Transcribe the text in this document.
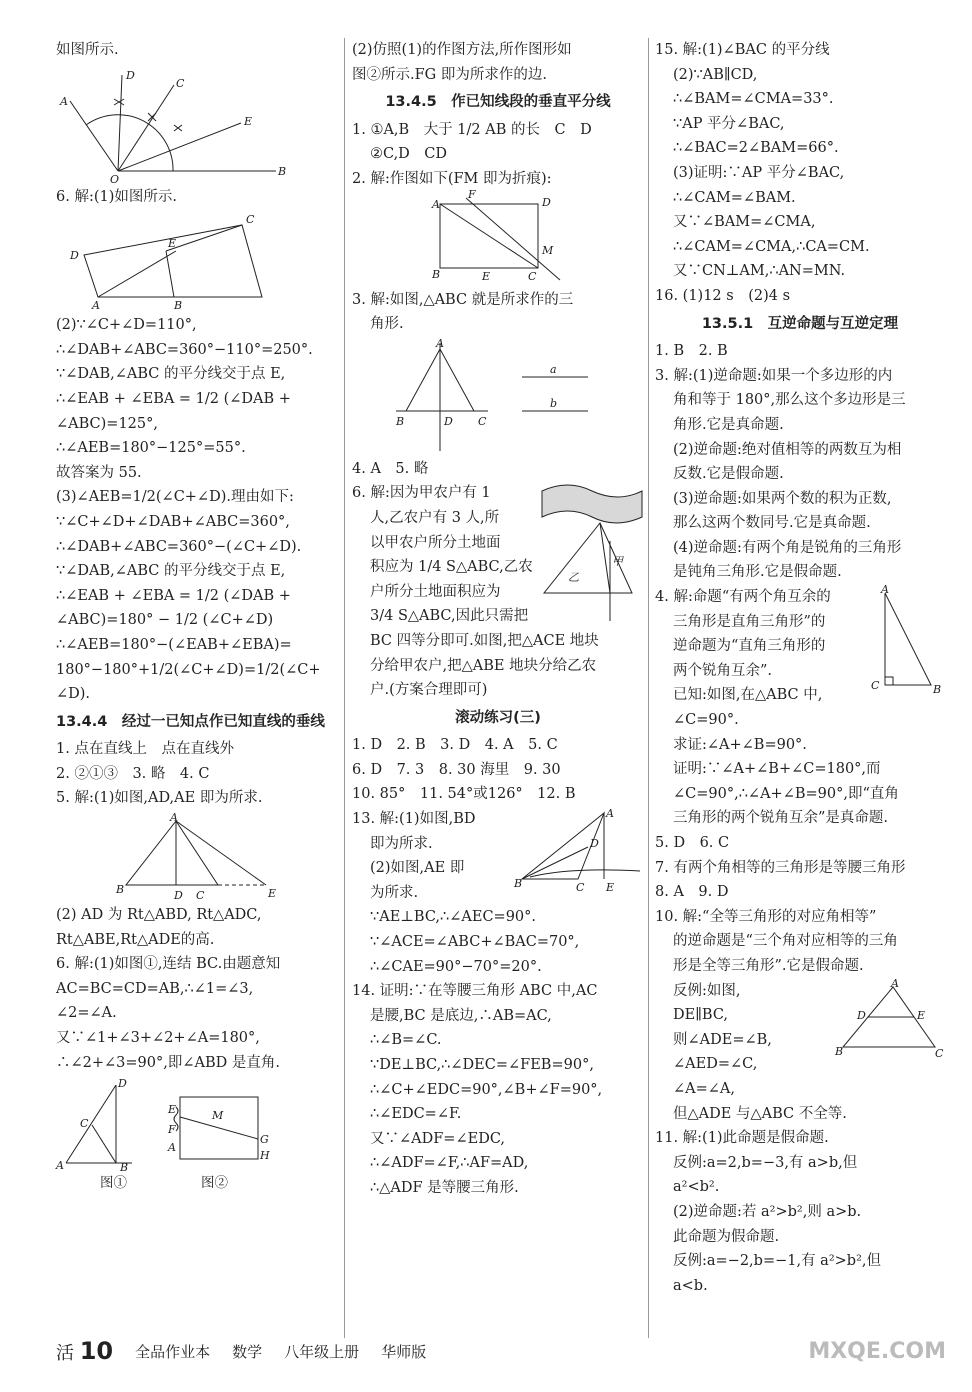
如图所示.
A
D
C
E
B
O
6. 解:(1)如图所示.
D
C
E
A	B
(2)∵∠C+∠D=110°,
∴∠DAB+∠ABC=360°−110°=250°.
∵∠DAB,∠ABC 的平分线交于点 E,
∴∠EAB + ∠EBA = 1/2 (∠DAB +
∠ABC)=125°,
∴∠AEB=180°−125°=55°.
故答案为 55.
(3)∠AEB=1/2(∠C+∠D).理由如下:
∵∠C+∠D+∠DAB+∠ABC=360°,
∴∠DAB+∠ABC=360°−(∠C+∠D).
∵∠DAB,∠ABC 的平分线交于点 E,
∴∠EAB + ∠EBA = 1/2 (∠DAB +
∠ABC)=180° − 1/2 (∠C+∠D)
∴∠AEB=180°−(∠EAB+∠EBA)=
180°−180°+1/2(∠C+∠D)=1/2(∠C+
∠D).
13.4.4　经过一已知点作已知直线的垂线
1. 点在直线上　点在直线外
2. ②①③　3. 略　4. C
5. 解:(1)如图,AD,AE 即为所求.
A
B	D C	E
(2) AD 为 Rt△ABD, Rt△ADC,
Rt△ABE,Rt△ADE的高.
6. 解:(1)如图①,连结 BC.由题意知
AC=BC=CD=AB,∴∠1=∠3,
∠2=∠A.
又∵∠1+∠3+∠2+∠A=180°,
∴∠2+∠3=90°,即∠ABD 是直角.
D
C
A	B
E
F
M
G
A
H
图①	图②
(2)仿照(1)的作图方法,所作图形如
图②所示.FG 即为所求作的边.
13.4.5　作已知线段的垂直平分线
1. ①A,B　大于 1/2 AB 的长　C　D
②C,D　CD
2. 解:作图如下(FM 即为折痕):
A
F
D
M
E	C
B
3. 解:如图,△ABC 就是所求作的三
角形.
A
B	D C
a
b
4. A　5. 略
乙
甲
6. 解:因为甲农户有 1
人,乙农户有 3 人,所
以甲农户所分土地面
积应为 1/4 S△ABC,乙农
户所分土地面积应为
3/4 S△ABC,因此只需把
BC 四等分即可.如图,把△ACE 地块
分给甲农户,把△ABE 地块分给乙农
户.(方案合理即可)
滚动练习(三)
1. D　2. B　3. D　4. A　5. C
6. D　7. 3　8. 30 海里　9. 30
10. 85°　11. 54°或126°　12. B
A
B	C E
D
13. 解:(1)如图,BD
即为所求.
(2)如图,AE 即
为所求.
∵AE⊥BC,∴∠AEC=90°.
∵∠ACE=∠ABC+∠BAC=70°,
∴∠CAE=90°−70°=20°.
14. 证明:∵在等腰三角形 ABC 中,AC
是腰,BC 是底边,∴AB=AC,
∴∠B=∠C.
∵DE⊥BC,∴∠DEC=∠FEB=90°,
∴∠C+∠EDC=90°,∠B+∠F=90°,
∴∠EDC=∠F.
又∵∠ADF=∠EDC,
∴∠ADF=∠F,∴AF=AD,
∴△ADF 是等腰三角形.
15. 解:(1)∠BAC 的平分线
(2)∵AB∥CD,
∴∠BAM=∠CMA=33°.
∵AP 平分∠BAC,
∴∠BAC=2∠BAM=66°.
(3)证明:∵AP 平分∠BAC,
∴∠CAM=∠BAM.
又∵∠BAM=∠CMA,
∴∠CAM=∠CMA,∴CA=CM.
又∵CN⊥AM,∴AN=MN.
16. (1)12 s　(2)4 s
13.5.1　互逆命题与互逆定理
1. B　2. B
3. 解:(1)逆命题:如果一个多边形的内
角和等于 180°,那么这个多边形是三
角形.它是真命题.
(2)逆命题:绝对值相等的两数互为相
反数.它是假命题.
(3)逆命题:如果两个数的积为正数,
那么这两个数同号.它是真命题.
(4)逆命题:有两个角是锐角的三角形
是钝角三角形.它是假命题.
A
C	B
4. 解:命题“有两个角互余的
三角形是直角三角形”的
逆命题为“直角三角形的
两个锐角互余”.
已知:如图,在△ABC 中,
∠C=90°.
求证:∠A+∠B=90°.
证明:∵∠A+∠B+∠C=180°,而
∠C=90°,∴∠A+∠B=90°,即“直角
三角形的两个锐角互余”是真命题.
5. D　6. C
7. 有两个角相等的三角形是等腰三角形
8. A　9. D
10. 解:“全等三角形的对应角相等”
的逆命题是“三个角对应相等的三角
形是全等三角形”.它是假命题.
A
D	E
B	C
反例:如图,
DE∥BC,
则∠ADE=∠B,
∠AED=∠C,
∠A=∠A,
但△ADE 与△ABC 不全等.
11. 解:(1)此命题是假命题.
反例:a=2,b=−3,有 a>b,但
a²<b².
(2)逆命题:若 a²>b²,则 a>b.
此命题为假命题.
反例:a=−2,b=−1,有 a²>b²,但
a<b.
活 10 全品作业本 数学 八年级上册 华师版	MXQE.COM
